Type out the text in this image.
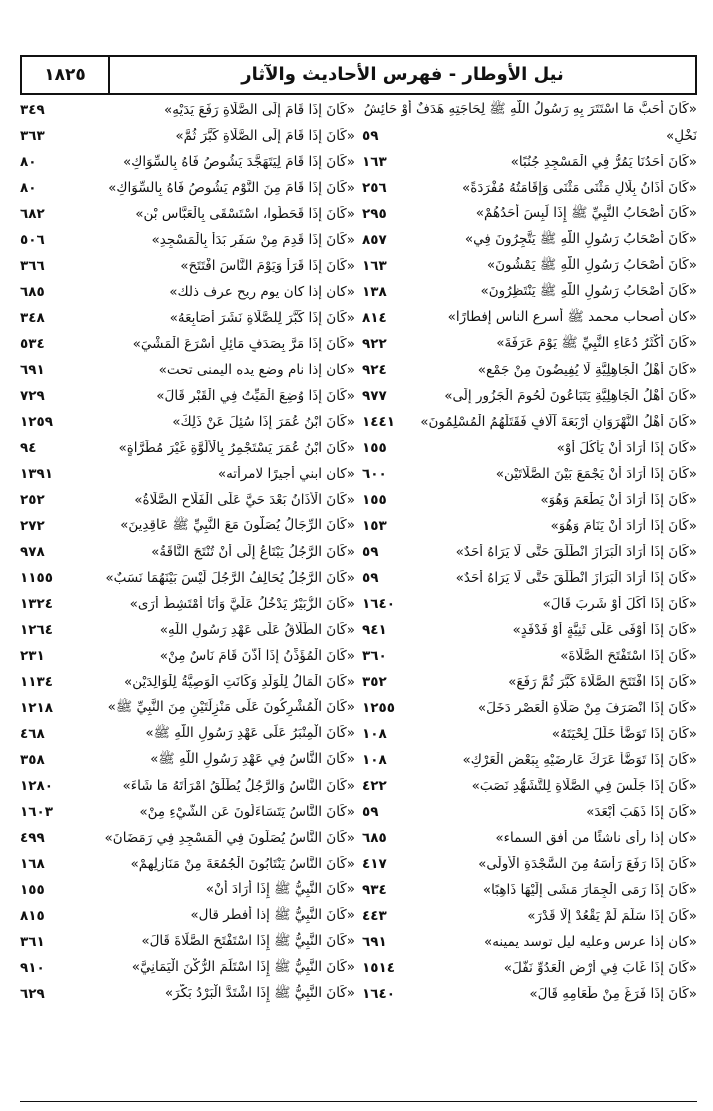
نيل الأوطار - فهرس الأحاديث والآثار
١٨٢٥
«كَانَ أَحَبَّ مَا اسْتَتَرَ بِهِ رَسُولُ اللَّهِ ﷺ لِحَاجَتِهِ هَدَفٌ أَوْ حَائِشُ
نَخْلٍ»
٥٩
«كَانَ أَحَدُنَا يَمُرُّ فِي الْمَسْجِدِ جُنُبًا»
١٦٣
«كَانَ أَذَانُ بِلَالٍ مَثْنَى مَثْنَى وَإِقَامَتُهُ مُفْرَدَةً»
٢٥٦
«كَانَ أَصْحَابُ النَّبِيِّ ﷺ إِذَا لَبِسَ أَحَدُهُمْ»
٢٩٥
«كَانَ أَصْحَابُ رَسُولِ اللَّهِ ﷺ يَتَّجِرُونَ فِي»
٨٥٧
«كَانَ أَصْحَابُ رَسُولِ اللَّهِ ﷺ يَمْشُونَ»
١٦٣
«كَانَ أَصْحَابُ رَسُولِ اللَّهِ ﷺ يَنْتَظِرُونَ»
١٣٨
«كان أصحاب محمد ﷺ أسرع الناس إفطارًا»
٨١٤
«كَانَ أَكْثَرُ دُعَاءِ النَّبِيِّ ﷺ يَوْمَ عَرَفَةَ»
٩٢٢
«كَانَ أَهْلُ الْجَاهِلِيَّةِ لَا يُفِيضُونَ مِنْ جَمْعٍ»
٩٢٤
«كَانَ أَهْلُ الْجَاهِلِيَّةِ يَتَبَاعُونَ لُحُومَ الْجَزُورِ إِلَى»
٩٧٧
«كَانَ أَهْلُ النَّهْرَوَانِ أَرْبَعَةَ آلَافٍ فَقَتَلَهُمُ الْمُسْلِمُونَ»
١٤٤١
«كَانَ إِذَا أَرَادَ أَنْ يَأْكُلَ أَوْ»
١٥٥
«كَانَ إِذَا أَرَادَ أَنْ يَجْمَعَ بَيْنَ الصَّلَاتَيْنِ»
٦٠٠
«كَانَ إِذَا أَرَادَ أَنْ يَطْعَمَ وَهُوَ»
١٥٥
«كَانَ إِذَا أَرَادَ أَنْ يَنَامَ وَهُوَ»
١٥٣
«كَانَ إِذَا أَرَادَ الْبَرَازَ انْطَلَقَ حَتَّى لَا يَرَاهُ أَحَدٌ»
٥٩
«كَانَ إِذَا أَرَادَ الْبَرَازَ انْطَلَقَ حَتَّى لَا يَرَاهُ أَحَدٌ»
٥٩
«كَانَ إِذَا أَكَلَ أَوْ شَرِبَ قَالَ»
١٦٤٠
«كَانَ إِذَا أَوْفَى عَلَى ثَنِيَّةٍ أَوْ فَدْفَدٍ»
٩٤١
«كَانَ إِذَا اسْتَفْتَحَ الصَّلَاةَ»
٣٦٠
«كَانَ إِذَا افْتَتَحَ الصَّلَاةَ كَبَّرَ ثُمَّ رَفَعَ»
٣٥٢
«كَانَ إِذَا انْصَرَفَ مِنْ صَلَاةِ الْعَصْرِ دَخَلَ»
١٢٥٥
«كَانَ إِذَا تَوَضَّأَ خَلَّلَ لِحْيَتَهُ»
١٠٨
«كَانَ إِذَا تَوَضَّأَ عَرَكَ عَارِضَيْهِ بِبَعْضِ الْعَرْكِ»
١٠٨
«كَانَ إِذَا جَلَسَ فِي الصَّلَاةِ لِلتَّشَهُّدِ نَصَبَ»
٤٢٢
«كَانَ إِذَا ذَهَبَ أَبْعَدَ»
٥٩
«كان إذا رأى ناشئًا من أفق السماء»
٦٨٥
«كَانَ إِذَا رَفَعَ رَأْسَهُ مِنَ السَّجْدَةِ الْأُولَى»
٤١٧
«كَانَ إِذَا رَمَى الْجِمَارَ مَشَى إِلَيْهَا ذَاهِبًا»
٩٣٤
«كَانَ إِذَا سَلَّمَ لَمْ يَقْعُدْ إِلَّا قَدْرَ»
٤٤٣
«كان إذا عرس وعليه ليل توسد يمينه»
٦٩١
«كَانَ إِذَا غَابَ فِي أَرْضِ الْعَدُوِّ نَفَّلَ»
١٥١٤
«كَانَ إِذَا فَرَغَ مِنْ طَعَامِهِ قَالَ»
١٦٤٠
«كَانَ إِذَا قَامَ إِلَى الصَّلَاةِ رَفَعَ يَدَيْهِ»
٣٤٩
«كَانَ إِذَا قَامَ إِلَى الصَّلَاةِ كَبَّرَ ثُمَّ»
٣٦٣
«كَانَ إِذَا قَامَ لِيَتَهَجَّدَ يَشُوصُ فَاهُ بِالسِّوَاكِ»
٨٠
«كَانَ إِذَا قَامَ مِنَ النَّوْمِ يَشُوصُ فَاهُ بِالسِّوَاكِ»
٨٠
«كَانَ إِذَا قَحَطُوا، اسْتَسْقَى بِالْعَبَّاسِ بْنِ»
٦٨٢
«كَانَ إِذَا قَدِمَ مِنْ سَفَرٍ بَدَأَ بِالْمَسْجِدِ»
٥٠٦
«كَانَ إِذَا قَرَأَ وَيَوْمَ النَّاسَ افْتَتَحَ»
٣٦٦
«كان إذا كان يوم ريح عرف ذلك»
٦٨٥
«كَانَ إِذَا كَبَّرَ لِلصَّلَاةِ نَشَرَ أَصَابِعَهُ»
٣٤٨
«كَانَ إِذَا مَرَّ بِصَدَفٍ مَائِلٍ أَسْرَعَ الْمَشْيَ»
٥٣٤
«كان إذا نام وضع يده اليمنى تحت»
٦٩١
«كَانَ إِذَا وُضِعَ الْمَيِّتُ فِي الْقَبْرِ قَالَ»
٧٢٩
«كَانَ ابْنُ عُمَرَ إِذَا سُئِلَ عَنْ ذَلِكَ»
١٢٥٩
«كَانَ ابْنُ عُمَرَ يَسْتَجْمِرُ بِالْأَلُوَّةِ غَيْرَ مُطَرَّاةٍ»
٩٤
«كان ابني أجيرًا لامرأته»
١٣٩١
«كَانَ الْأَذَانُ بَعْدَ حَيَّ عَلَى الْفَلَاحِ الصَّلَاةُ»
٢٥٢
«كَانَ الرِّجَالُ يُصَلُّونَ مَعَ النَّبِيِّ ﷺ عَاقِدِينَ»
٢٧٢
«كَانَ الرَّجُلُ يَبْتَاعُ إِلَى أَنْ تُنْتَجَ النَّاقَةُ»
٩٧٨
«كَانَ الرَّجُلُ يُحَالِفُ الرَّجُلَ لَيْسَ بَيْنَهُمَا نَسَبٌ»
١١٥٥
«كَانَ الزُّبَيْرُ يَدْخُلُ عَلَيَّ وَأَنَا أَمْتَشِطُ أَرَى»
١٣٢٤
«كَانَ الطَّلَاقُ عَلَى عَهْدِ رَسُولِ اللَّهِ»
١٢٦٤
«كَانَ الْمُؤَذِّنُ إِذَا أَذَّنَ قَامَ نَاسٌ مِنْ»
٢٣١
«كَانَ الْمَالُ لِلْوَلَدِ وَكَانَتِ الْوَصِيَّةُ لِلْوَالِدَيْنِ»
١١٣٤
«كَانَ الْمُشْرِكُونَ عَلَى مَنْزِلَتَيْنِ مِنَ النَّبِيِّ ﷺ»
١٢١٨
«كَانَ الْمِنْبَرُ عَلَى عَهْدِ رَسُولِ اللَّهِ ﷺ»
٤٦٨
«كَانَ النَّاسُ فِي عَهْدِ رَسُولِ اللَّهِ ﷺ»
٣٥٨
«كَانَ النَّاسُ وَالرَّجُلُ يُطَلِّقُ امْرَأَتَهُ مَا شَاءَ»
١٢٨٠
«كَانَ النَّاسُ يَتَسَاءَلُونَ عَنِ الشَّيْءِ مِنْ»
١٦٠٣
«كَانَ النَّاسُ يُصَلُّونَ فِي الْمَسْجِدِ فِي رَمَضَانَ»
٤٩٩
«كَانَ النَّاسُ يَنْتَابُونَ الْجُمُعَةَ مِنْ مَنَازِلِهِمْ»
١٦٨
«كَانَ النَّبِيُّ ﷺ إِذَا أَرَادَ أَنْ»
١٥٥
«كَانَ النَّبِيُّ ﷺ إذا أفطر قال»
٨١٥
«كَانَ النَّبِيُّ ﷺ إِذَا اسْتَفْتَحَ الصَّلَاةَ قَالَ»
٣٦١
«كَانَ النَّبِيُّ ﷺ إِذَا اسْتَلَمَ الرُّكْنَ الْيَمَانِيَّ»
٩١٠
«كَانَ النَّبِيُّ ﷺ إِذَا اشْتَدَّ الْبَرْدُ بَكَّرَ»
٦٢٩
